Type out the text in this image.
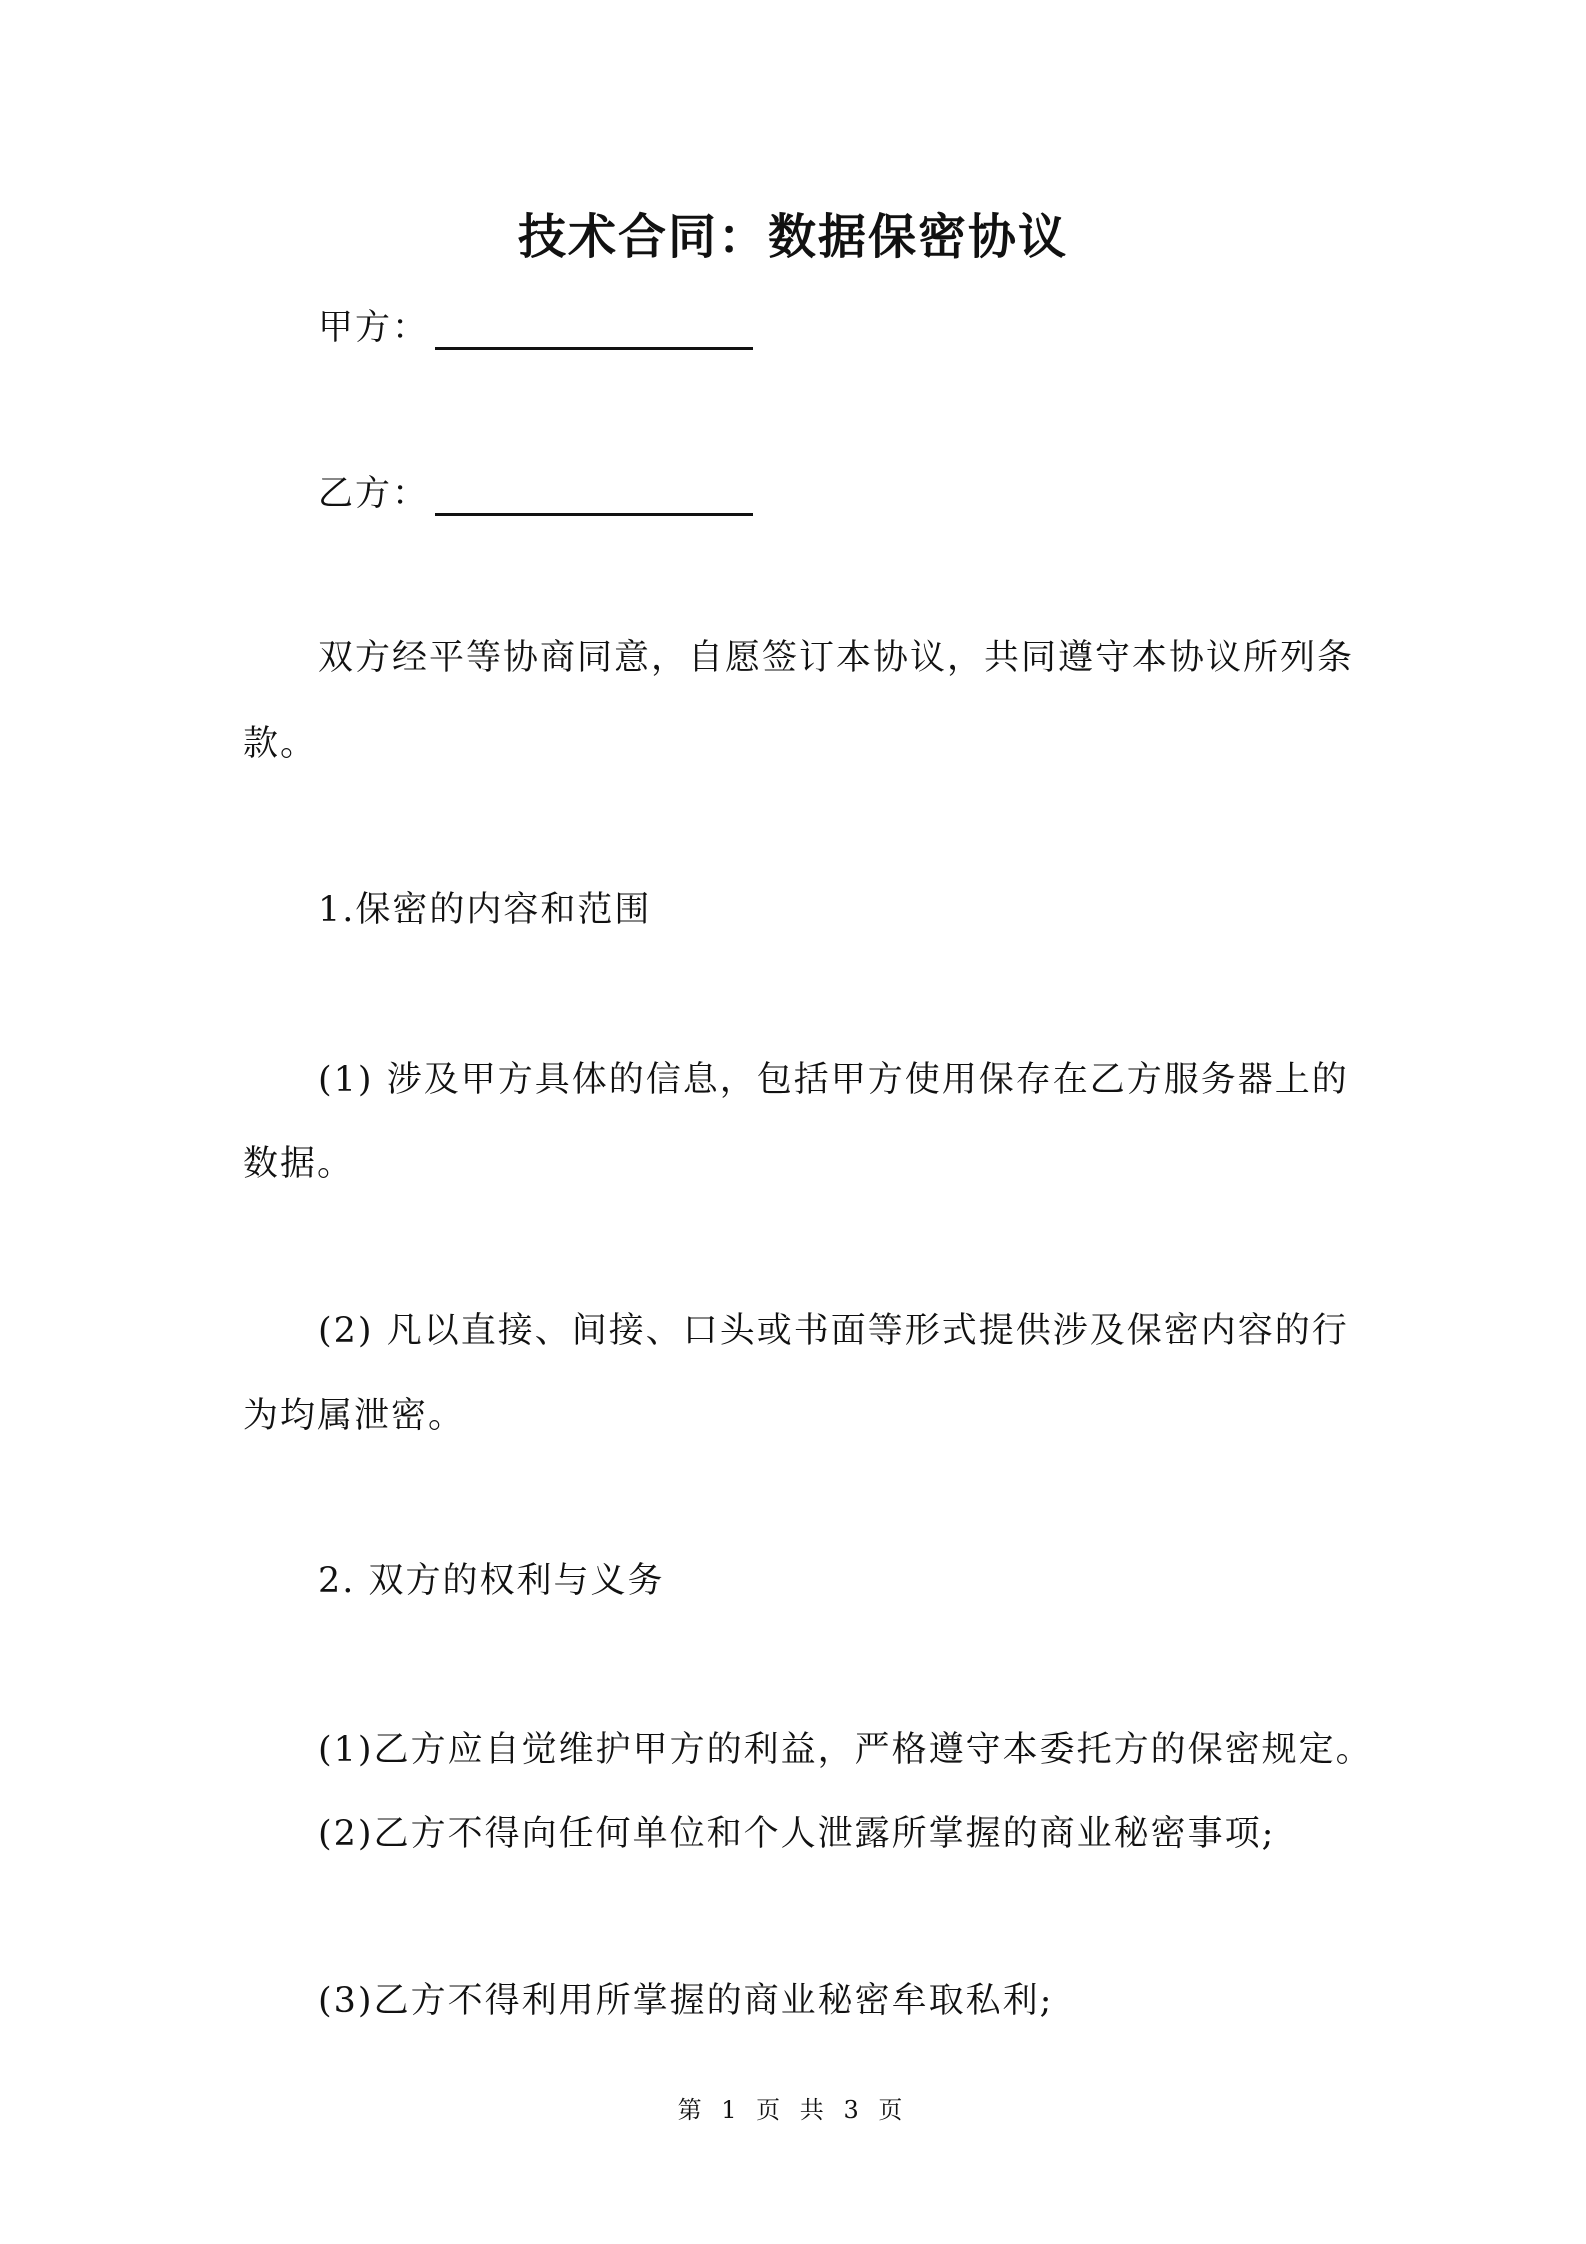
技术合同：数据保密协议
甲方：
乙方：
双方经平等协商同意，自愿签订本协议，共同遵守本协议所列条
款。
1.保密的内容和范围
(1) 涉及甲方具体的信息，包括甲方使用保存在乙方服务器上的
数据。
(2) 凡以直接、间接、口头或书面等形式提供涉及保密内容的行
为均属泄密。
2. 双方的权利与义务
(1)乙方应自觉维护甲方的利益，严格遵守本委托方的保密规定。
(2)乙方不得向任何单位和个人泄露所掌握的商业秘密事项;
(3)乙方不得利用所掌握的商业秘密牟取私利;
第 1 页 共 3 页
